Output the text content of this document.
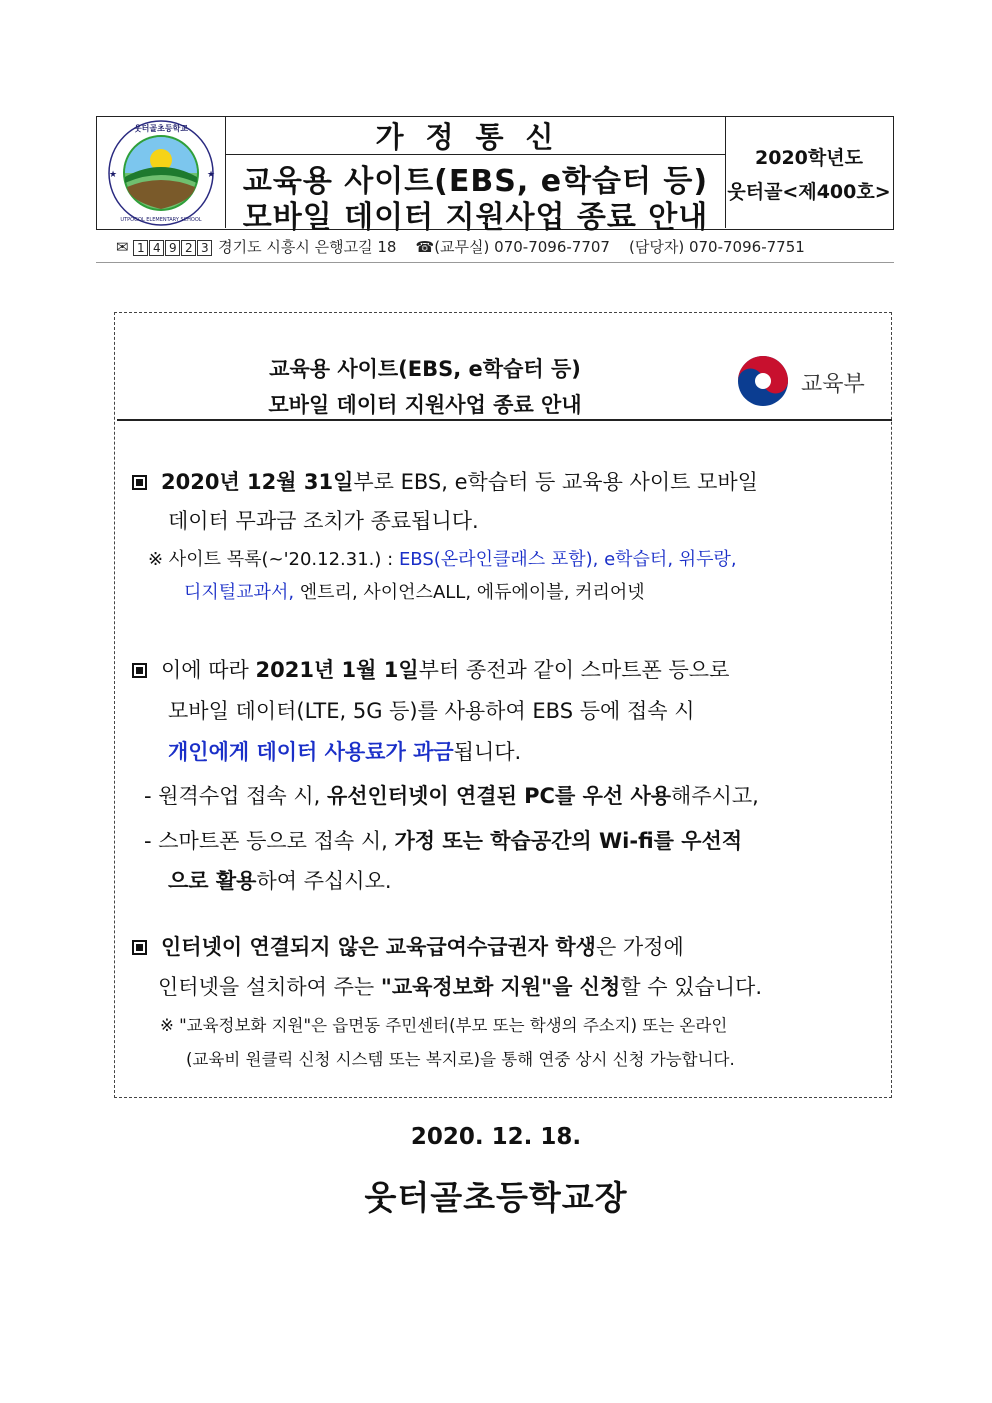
웃터골초등학교
UTPOGOL ELEMENTARY SCHOOL
★	★
가정통신
교육용 사이트(EBS, e학습터 등)
모바일 데이터 지원사업 종료 안내
2020학년도
웃터골<제400호>
✉ 1 4 9 2 3 경기도 시흥시 은행고길 18 ☎(교무실) 070-7096-7707 (담당자) 070-7096-7751
교육용 사이트(EBS, e학습터 등)
모바일 데이터 지원사업 종료 안내
교육부
2020년 12월 31일부로 EBS, e학습터 등 교육용 사이트 모바일
데이터 무과금 조치가 종료됩니다.
※ 사이트 목록(~'20.12.31.) : EBS(온라인클래스 포함), e학습터, 위두랑,
디지털교과서, 엔트리, 사이언스ALL, 에듀에이블, 커리어넷
이에 따라 2021년 1월 1일부터 종전과 같이 스마트폰 등으로
모바일 데이터(LTE, 5G 등)를 사용하여 EBS 등에 접속 시
개인에게 데이터 사용료가 과금됩니다.
- 원격수업 접속 시, 유선인터넷이 연결된 PC를 우선 사용해주시고,
- 스마트폰 등으로 접속 시, 가정 또는 학습공간의 Wi-fi를 우선적
으로 활용하여 주십시오.
인터넷이 연결되지 않은 교육급여수급권자 학생은 가정에
인터넷을 설치하여 주는 "교육정보화 지원"을 신청할 수 있습니다.
※ "교육정보화 지원"은 읍면동 주민센터(부모 또는 학생의 주소지) 또는 온라인
(교육비 원클릭 신청 시스템 또는 복지로)을 통해 연중 상시 신청 가능합니다.
2020. 12. 18.
웃터골초등학교장
